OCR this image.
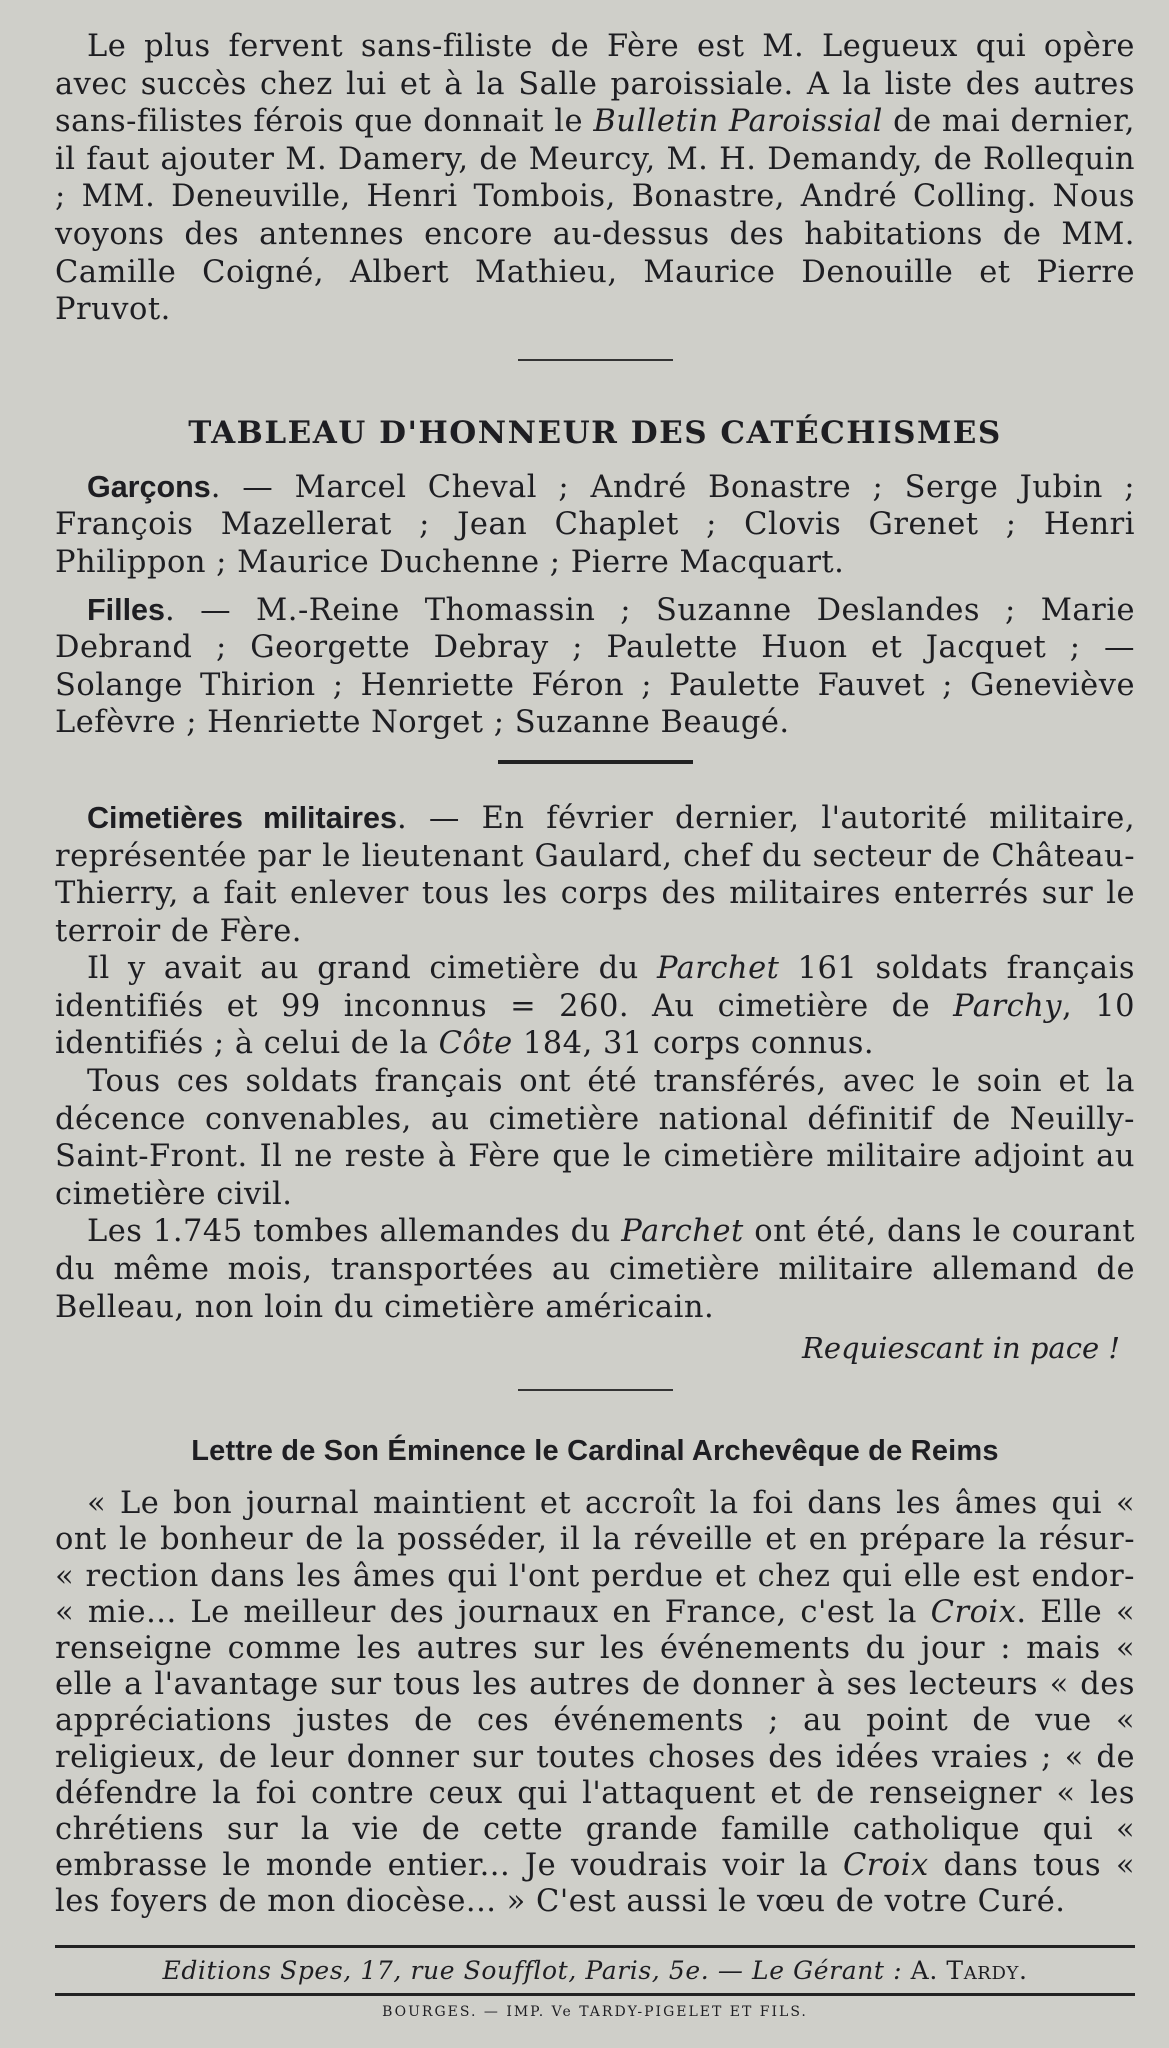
Le plus fervent sans-filiste de Fère est M. Legueux qui opère avec succès chez lui et à la Salle paroissiale. A la liste des autres sans-filistes férois que donnait le Bulletin Paroissial de mai dernier, il faut ajouter M. Damery, de Meurcy, M. H. Demandy, de Rollequin ; MM. Deneuville, Henri Tombois, Bonastre, André Colling. Nous voyons des antennes encore au-dessus des habitations de MM. Camille Coigné, Albert Mathieu, Maurice Denouille et Pierre Pruvot.

TABLEAU D'HONNEUR DES CATÉCHISMES

Garçons. — Marcel Cheval ; André Bonastre ; Serge Jubin ; François Mazellerat ; Jean Chaplet ; Clovis Grenet ; Henri Philippon ; Maurice Duchenne ; Pierre Macquart.

Filles. — M.-Reine Thomassin ; Suzanne Deslandes ; Marie Debrand ; Georgette Debray ; Paulette Huon et Jacquet ; — Solange Thirion ; Henriette Féron ; Paulette Fauvet ; Geneviève Lefèvre ; Henriette Norget ; Suzanne Beaugé.

Cimetières militaires. — En février dernier, l'autorité militaire, représentée par le lieutenant Gaulard, chef du secteur de Château-Thierry, a fait enlever tous les corps des militaires enterrés sur le terroir de Fère.

Il y avait au grand cimetière du Parchet 161 soldats français identifiés et 99 inconnus = 260. Au cimetière de Parchy, 10 identifiés ; à celui de la Côte 184, 31 corps connus.

Tous ces soldats français ont été transférés, avec le soin et la décence convenables, au cimetière national définitif de Neuilly-Saint-Front. Il ne reste à Fère que le cimetière militaire adjoint au cimetière civil.

Les 1.745 tombes allemandes du Parchet ont été, dans le courant du même mois, transportées au cimetière militaire allemand de Belleau, non loin du cimetière américain.

Requiescant in pace !

Lettre de Son Éminence le Cardinal Archevêque de Reims

« Le bon journal maintient et accroît la foi dans les âmes qui « ont le bonheur de la posséder, il la réveille et en prépare la résur- « rection dans les âmes qui l'ont perdue et chez qui elle est endor- « mie... Le meilleur des journaux en France, c'est la Croix. Elle « renseigne comme les autres sur les événements du jour : mais « elle a l'avantage sur tous les autres de donner à ses lecteurs « des appréciations justes de ces événements ; au point de vue « religieux, de leur donner sur toutes choses des idées vraies ; « de défendre la foi contre ceux qui l'attaquent et de renseigner « les chrétiens sur la vie de cette grande famille catholique qui « embrasse le monde entier... Je voudrais voir la Croix dans tous « les foyers de mon diocèse... » C'est aussi le vœu de votre Curé.

Editions Spes, 17, rue Soufflot, Paris, 5e. — Le Gérant : A. Tardy.

BOURGES. — IMP. Ve TARDY-PIGELET ET FILS.
